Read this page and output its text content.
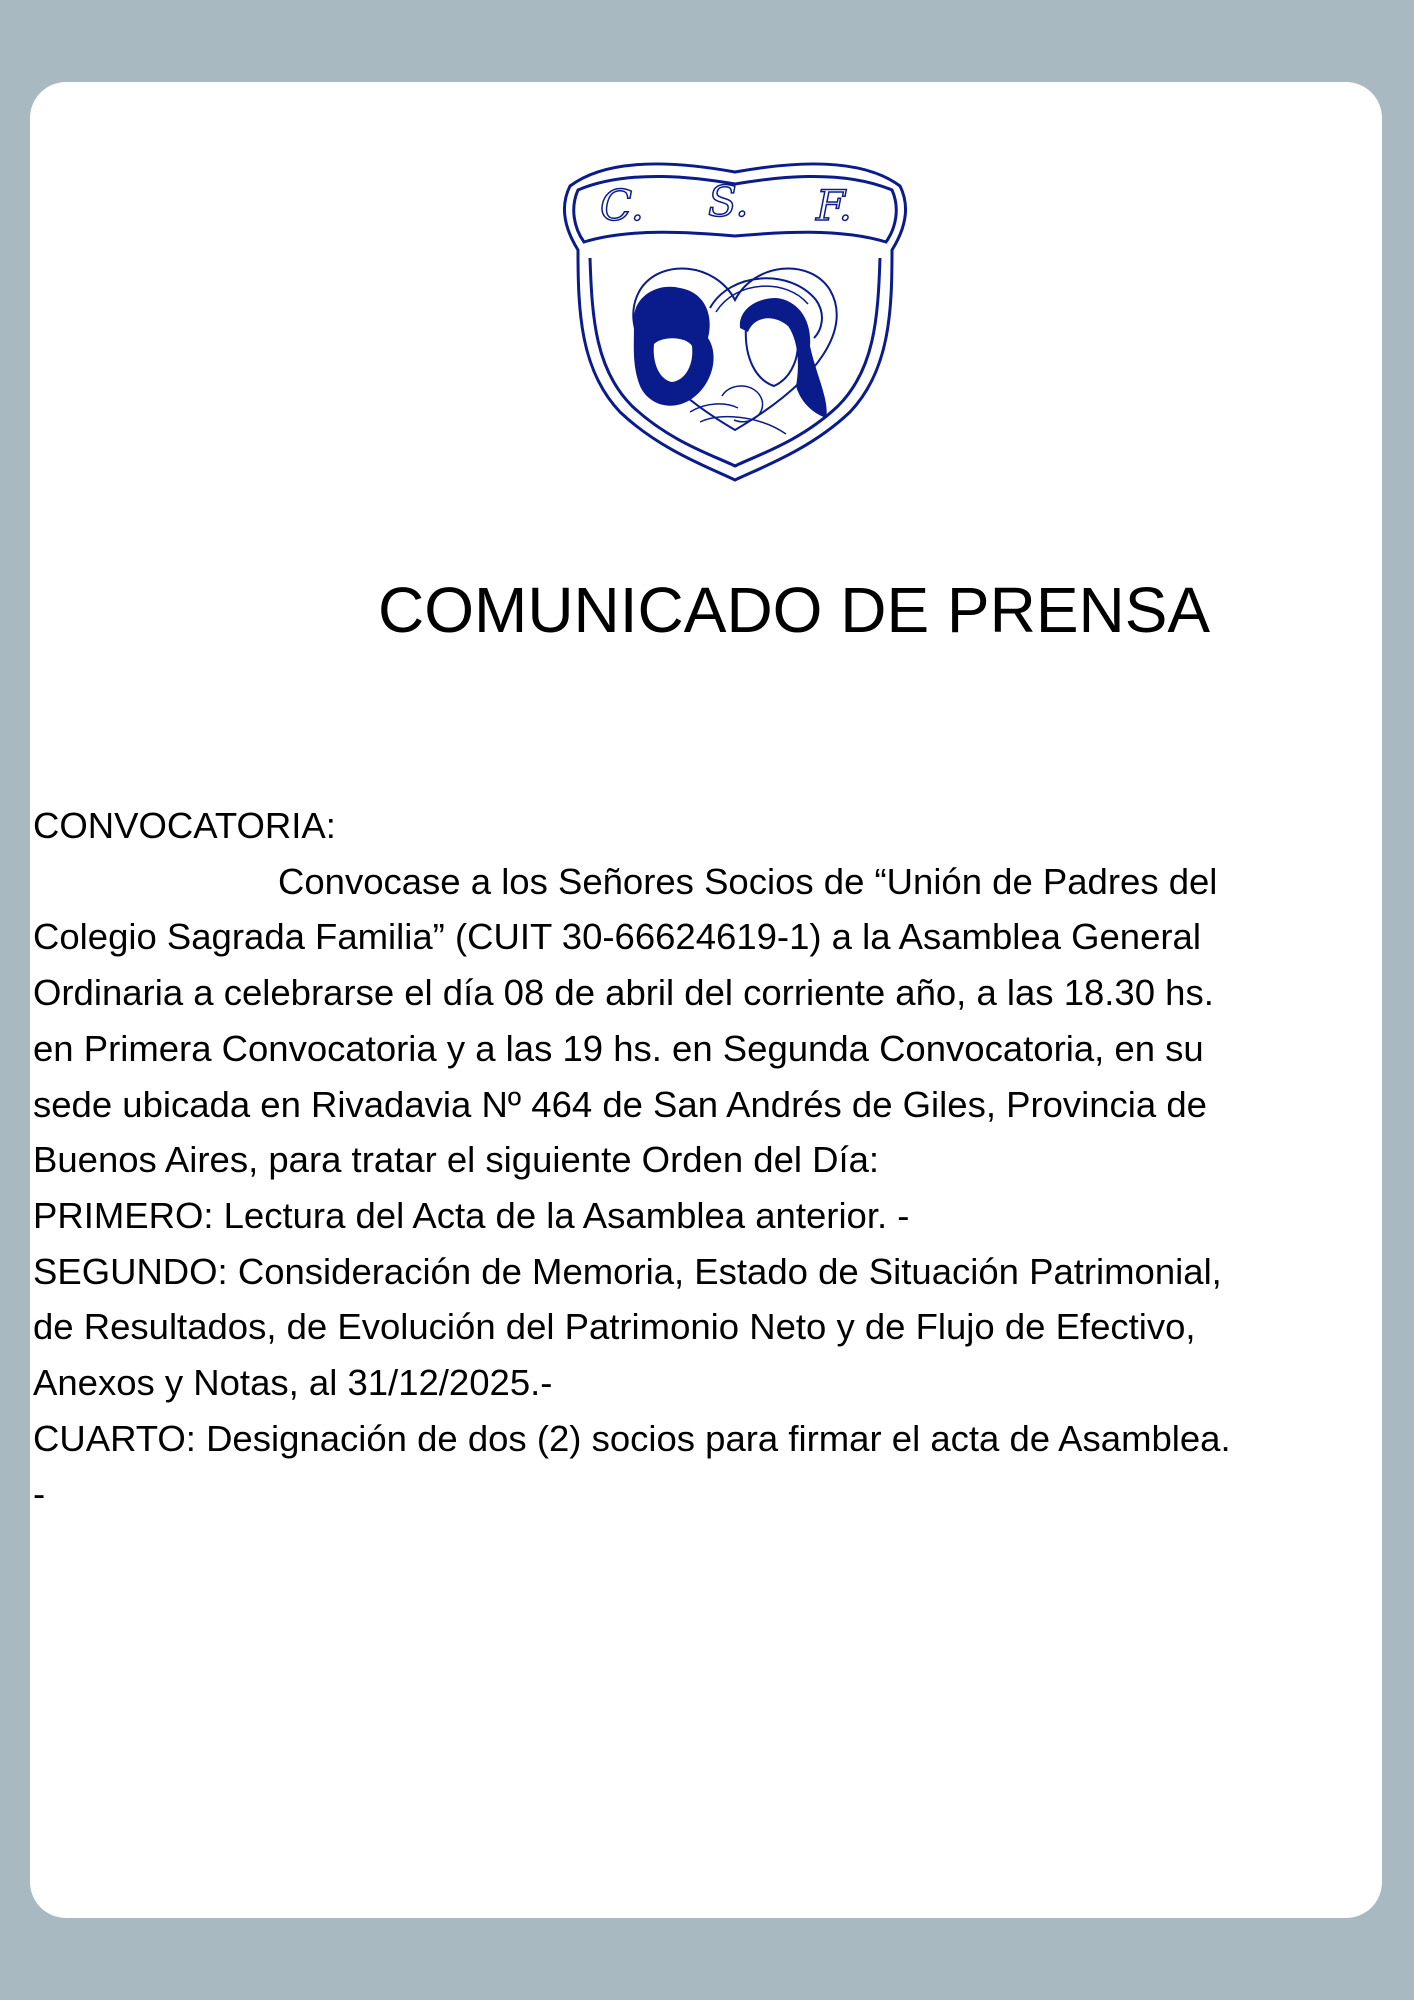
C. S. F.
COMUNICADO DE PRENSA
CONVOCATORIA:
Convocase a los Señores Socios de “Unión de Padres del
Colegio Sagrada Familia” (CUIT 30-66624619-1) a la Asamblea General
Ordinaria a celebrarse el día 08 de abril del corriente año, a las 18.30 hs.
en Primera Convocatoria y a las 19 hs. en Segunda Convocatoria, en su
sede ubicada en Rivadavia Nº 464 de San Andrés de Giles, Provincia de
Buenos Aires, para tratar el siguiente Orden del Día:
PRIMERO: Lectura del Acta de la Asamblea anterior. -
SEGUNDO: Consideración de Memoria, Estado de Situación Patrimonial,
de Resultados, de Evolución del Patrimonio Neto y de Flujo de Efectivo,
Anexos y Notas, al 31/12/2025.-
CUARTO: Designación de dos (2) socios para firmar el acta de Asamblea.
-
